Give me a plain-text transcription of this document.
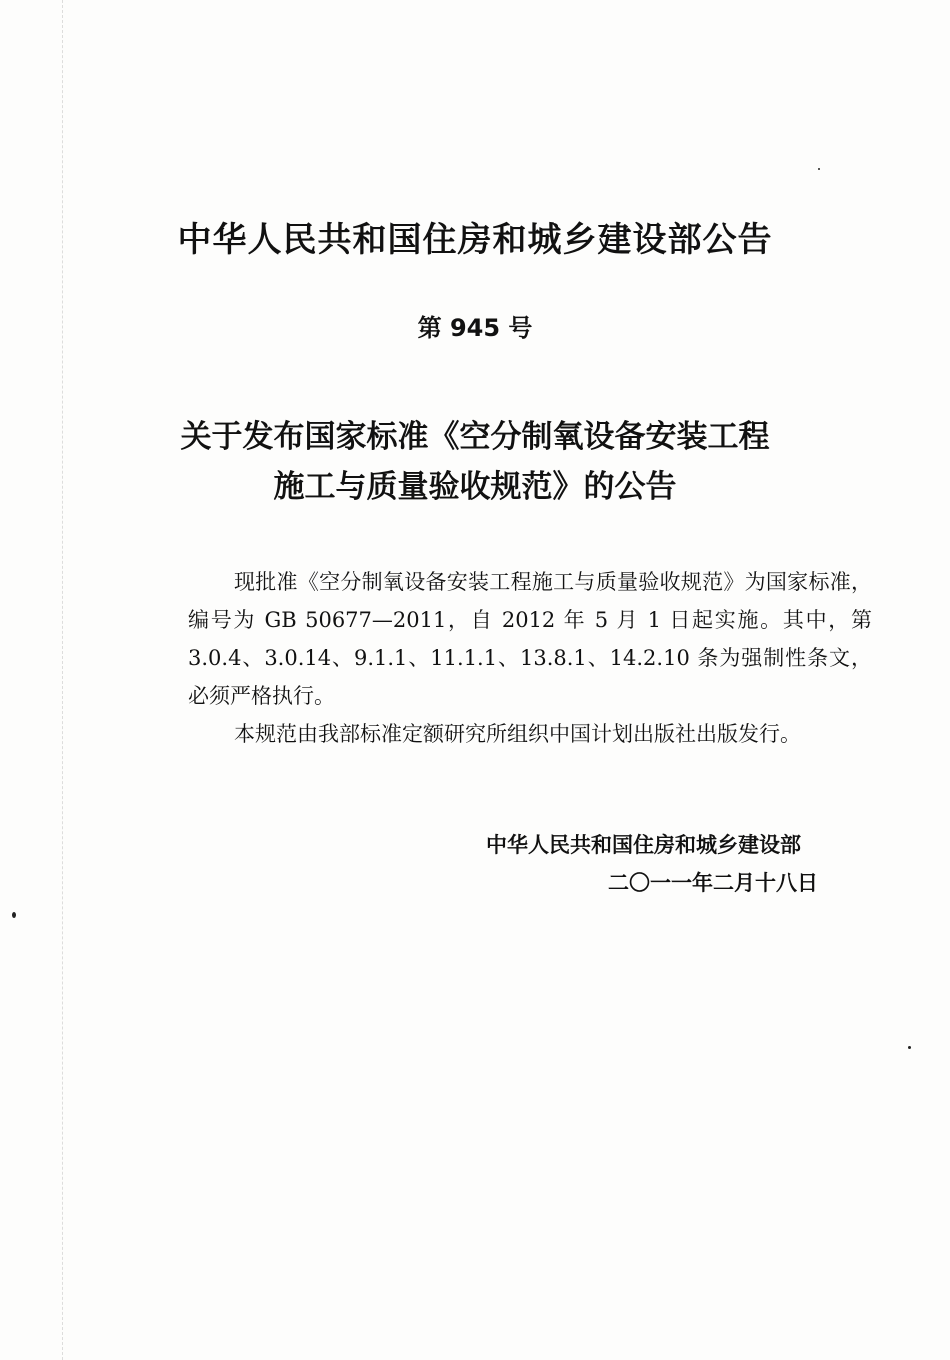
中华人民共和国住房和城乡建设部公告
第 945 号
关于发布国家标准《空分制氧设备安装工程
施工与质量验收规范》的公告

现批准《空分制氧设备安装工程施工与质量验收规范》为国家标准，编号为 GB 50677—2011，自 2012 年 5 月 1 日起实施。其中，第 3.0.4、3.0.14、9.1.1、11.1.1、13.8.1、14.2.10 条为强制性条文，必须严格执行。

本规范由我部标准定额研究所组织中国计划出版社出版发行。

中华人民共和国住房和城乡建设部
二〇一一年二月十八日
